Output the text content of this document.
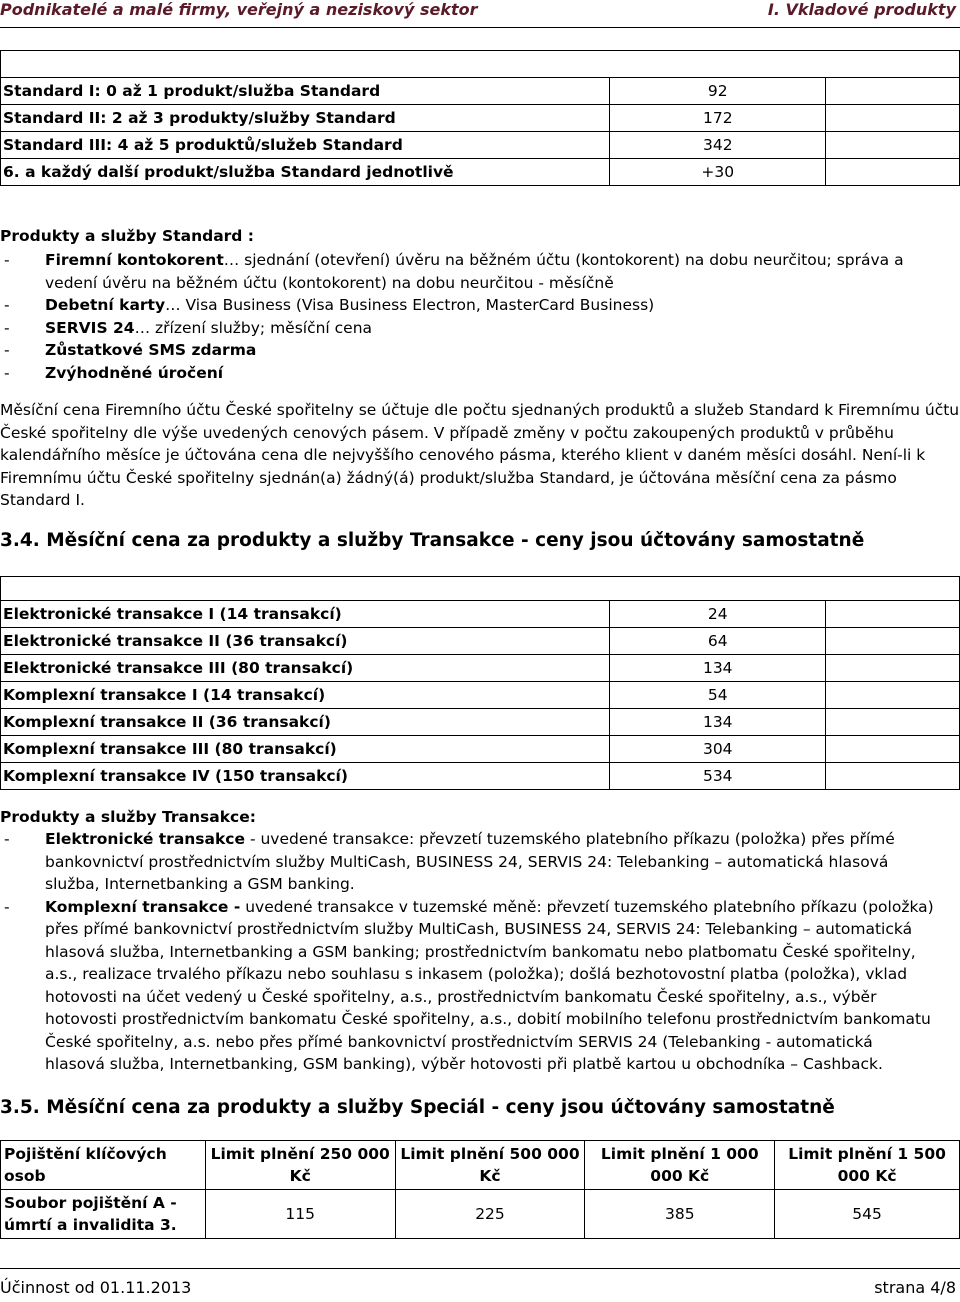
Podnikatelé a malé firmy, veřejný a neziskový sektor	I. Vkladové produkty

Standard I: 0 až 1 produkt/služba Standard	92	
Standard II: 2 až 3 produkty/služby Standard	172	
Standard III: 4 až 5 produktů/služeb Standard	342	
6. a každý další produkt/služba Standard jednotlivě	+30	
Produkty a služby Standard :
- Firemní kontokorent… sjednání (otevření) úvěru na běžném účtu (kontokorent) na dobu neurčitou; správa a vedení úvěru na běžném účtu (kontokorent) na dobu neurčitou - měsíčně
- Debetní karty… Visa Business (Visa Business Electron, MasterCard Business)
- SERVIS 24… zřízení služby; měsíční cena
- Zůstatkové SMS zdarma
- Zvýhodněné úročení

Měsíční cena Firemního účtu České spořitelny se účtuje dle počtu sjednaných produktů a služeb Standard k Firemnímu účtu České spořitelny dle výše uvedených cenových pásem. V případě změny v počtu zakoupených produktů v průběhu kalendářního měsíce je účtována cena dle nejvyššího cenového pásma, kterého klient v daném měsíci dosáhl. Není-li k Firemnímu účtu České spořitelny sjednán(a) žádný(á) produkt/služba Standard, je účtována měsíční cena za pásmo Standard I.

3.4. Měsíční cena za produkty a služby Transakce - ceny jsou účtovány samostatně

Elektronické transakce I (14 transakcí)	24	
Elektronické transakce II (36 transakcí)	64	
Elektronické transakce III (80 transakcí)	134	
Komplexní transakce I (14 transakcí)	54	
Komplexní transakce II (36 transakcí)	134	
Komplexní transakce III (80 transakcí)	304	
Komplexní transakce IV (150 transakcí)	534	
Produkty a služby Transakce:
- Elektronické transakce - uvedené transakce: převzetí tuzemského platebního příkazu (položka) přes přímé bankovnictví prostřednictvím služby MultiCash, BUSINESS 24, SERVIS 24: Telebanking – automatická hlasová služba, Internetbanking a GSM banking.
- Komplexní transakce - uvedené transakce v tuzemské měně: převzetí tuzemského platebního příkazu (položka) přes přímé bankovnictví prostřednictvím služby MultiCash, BUSINESS 24, SERVIS 24: Telebanking – automatická hlasová služba, Internetbanking a GSM banking; prostřednictvím bankomatu nebo platbomatu České spořitelny, a.s., realizace trvalého příkazu nebo souhlasu s inkasem (položka); došlá bezhotovostní platba (položka), vklad hotovosti na účet vedený u České spořitelny, a.s., prostřednictvím bankomatu České spořitelny, a.s., výběr hotovosti prostřednictvím bankomatu České spořitelny, a.s., dobití mobilního telefonu prostřednictvím bankomatu České spořitelny, a.s. nebo přes přímé bankovnictví prostřednictvím SERVIS 24 (Telebanking - automatická hlasová služba, Internetbanking, GSM banking), výběr hotovosti při platbě kartou u obchodníka – Cashback.
3.5. Měsíční cena za produkty a služby Speciál - ceny jsou účtovány samostatně
Pojištění klíčových osob	Limit plnění 250 000 Kč	Limit plnění 500 000 Kč	Limit plnění 1 000 000 Kč	Limit plnění 1 500 000 Kč
Soubor pojištění A - úmrtí a invalidita 3.	115	225	385	545
Účinnost od 01.11.2013	strana 4/8
